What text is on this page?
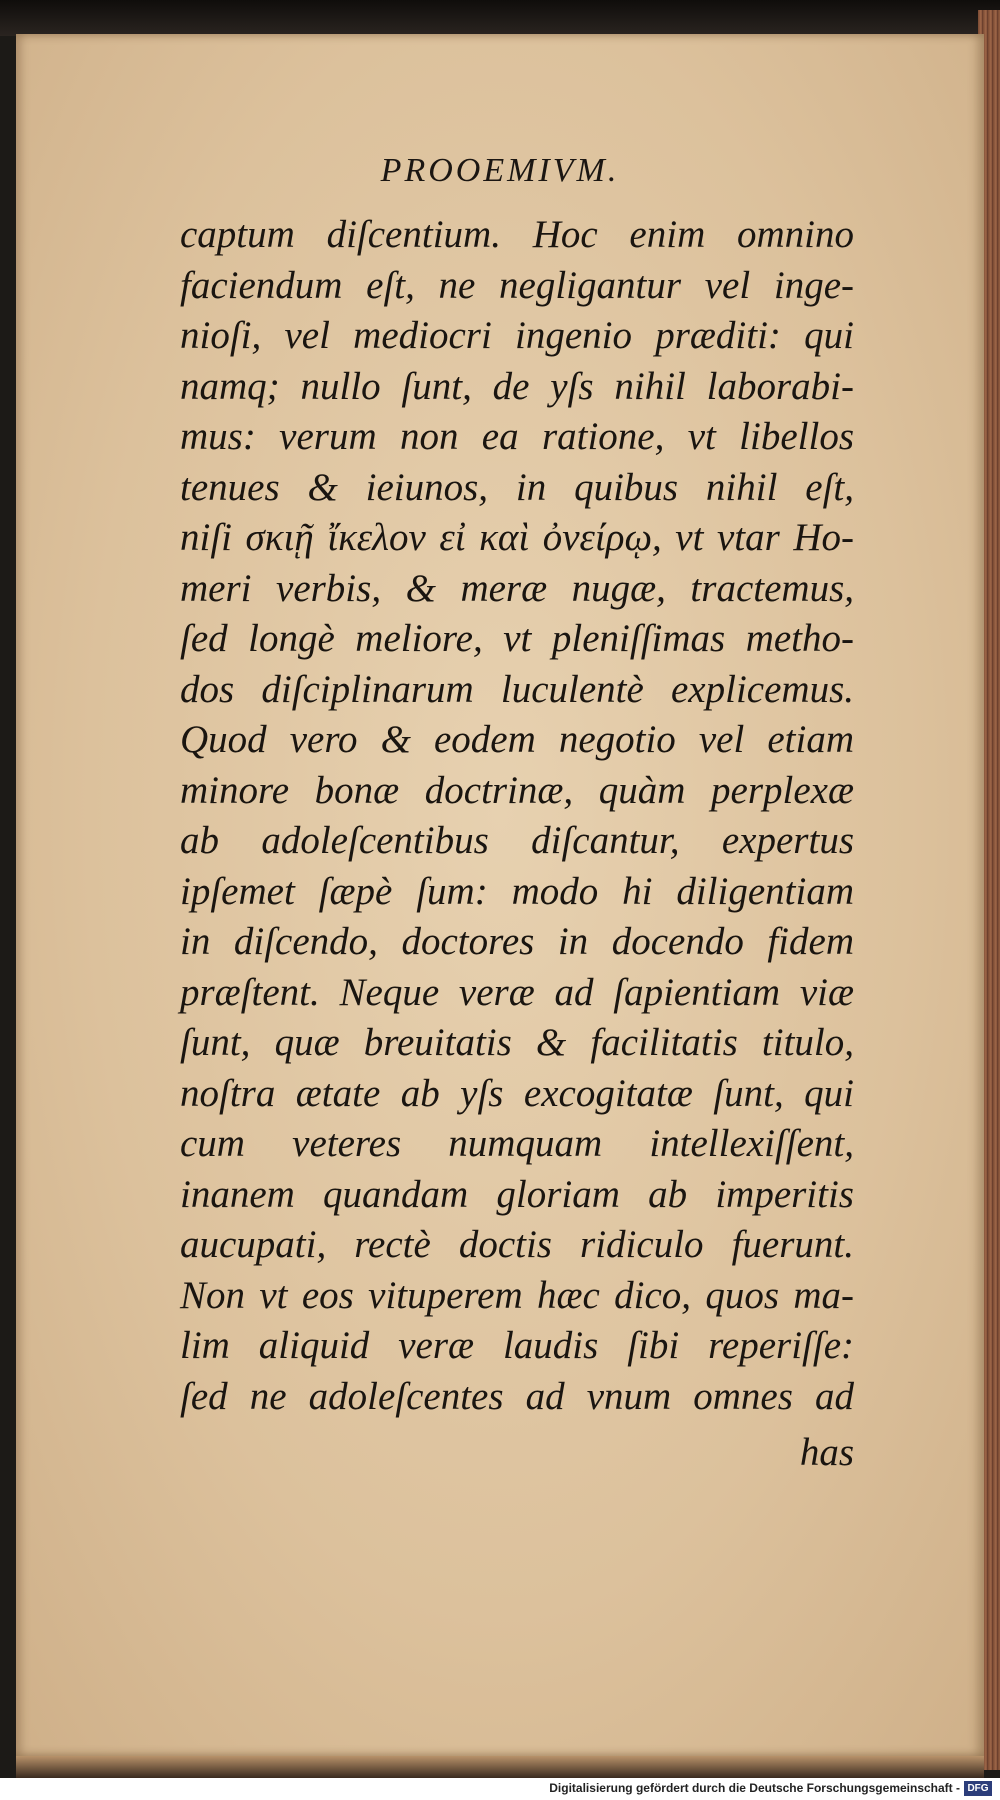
PROOEMIVM.
captum diſcentium. Hoc enim omnino
faciendum eſt, ne negligantur vel inge-
nioſi, vel mediocri ingenio præditi: qui
namq; nullo ſunt, de yſs nihil laborabi-
mus: verum non ea ratione, vt libellos
tenues & ieiunos, in quibus nihil eſt,
niſi σκιῇ ἴκελον εἰ καὶ ὀνείρῳ, vt vtar Ho-
meri verbis, & meræ nugæ, tractemus,
ſed longè meliore, vt pleniſſimas metho-
dos diſciplinarum luculentè explicemus.
Quod vero & eodem negotio vel etiam
minore bonæ doctrinæ, quàm perplexæ
ab adoleſcentibus diſcantur, expertus
ipſemet ſæpè ſum: modo hi diligentiam
in diſcendo, doctores in docendo fidem
præſtent. Neque veræ ad ſapientiam viæ
ſunt, quæ breuitatis & facilitatis titulo,
noſtra ætate ab yſs excogitatæ ſunt, qui
cum veteres numquam intellexiſſent,
inanem quandam gloriam ab imperitis
aucupati, rectè doctis ridiculo fuerunt.
Non vt eos vituperem hæc dico, quos ma-
lim aliquid veræ laudis ſibi reperiſſe:
ſed ne adoleſcentes ad vnum omnes ad
has
Digitalisierung gefördert durch die Deutsche Forschungsgemeinschaft - DFG
